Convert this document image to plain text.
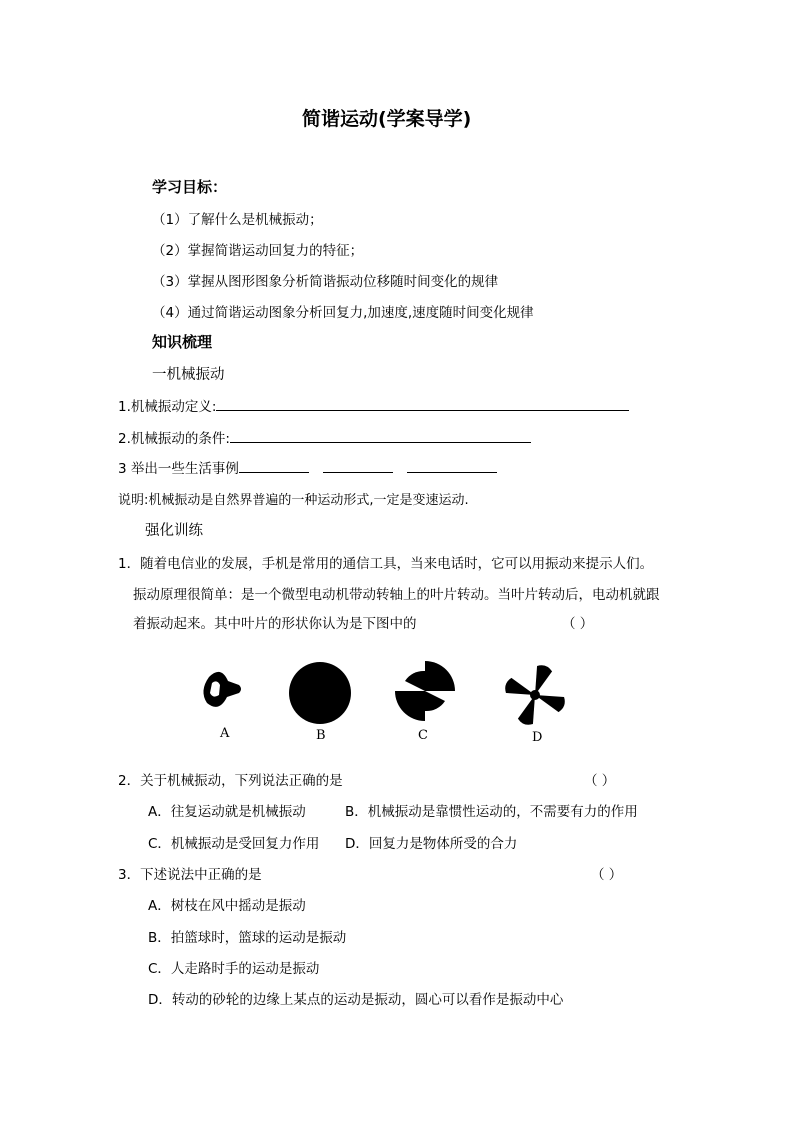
简谐运动(学案导学)
学习目标：
（1）了解什么是机械振动；
（2）掌握简谐运动回复力的特征；
（3）掌握从图形图象分析简谐振动位移随时间变化的规律
（4）通过简谐运动图象分析回复力,加速度,速度随时间变化规律
知识梳理
一机械振动
1.机械振动定义:
2.机械振动的条件:
3 举出一些生活事例
说明:机械振动是自然界普遍的一种运动形式,一定是变速运动.
强化训练
1．随着电信业的发展，手机是常用的通信工具，当来电话时，它可以用振动来提示人们。
振动原理很简单：是一个微型电动机带动转轴上的叶片转动。当叶片转动后，电动机就跟
着振动起来。其中叶片的形状你认为是下图中的	（ ）
A	B	C	D
2．关于机械振动，下列说法正确的是	（ ）
A．往复运动就是机械振动	B．机械振动是靠惯性运动的，不需要有力的作用
C．机械振动是受回复力作用 D．回复力是物体所受的合力
3．下述说法中正确的是	（ ）
A．树枝在风中摇动是振动
B．拍篮球时，篮球的运动是振动
C．人走路时手的运动是振动
D．转动的砂轮的边缘上某点的运动是振动，圆心可以看作是振动中心
